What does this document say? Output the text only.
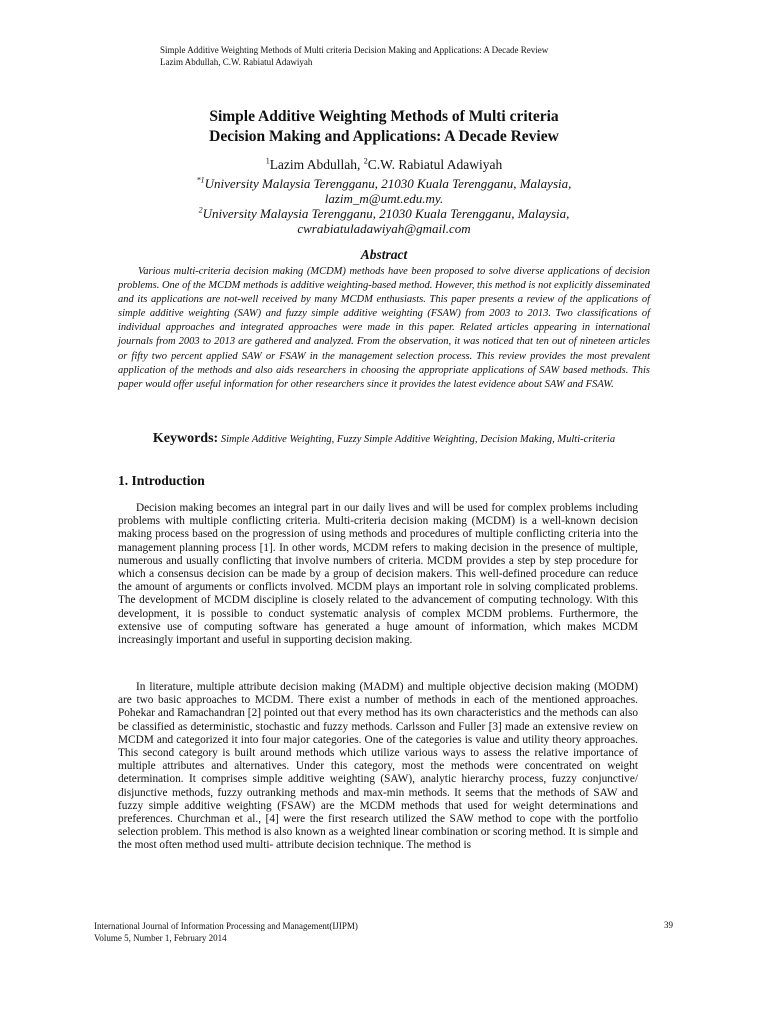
Simple Additive Weighting Methods of Multi criteria Decision Making and Applications: A Decade Review
Lazim Abdullah, C.W. Rabiatul Adawiyah
Simple Additive Weighting Methods of Multi criteria
Decision Making and Applications: A Decade Review
$^1$Lazim Abdullah, $^2$C.W. Rabiatul Adawiyah
$^{*1}$University Malaysia Terengganu, 21030 Kuala Terengganu, Malaysia,
lazim_m@umt.edu.my.
$^2$University Malaysia Terengganu, 21030 Kuala Terengganu, Malaysia,
cwrabiatuladawiyah@gmail.com
Abstract

Various multi-criteria decision making (MCDM) methods have been proposed to solve diverse applications of decision problems. One of the MCDM methods is additive weighting-based method. However, this method is not explicitly disseminated and its applications are not-well received by many MCDM enthusiasts. This paper presents a review of the applications of simple additive weighting (SAW) and fuzzy simple additive weighting (FSAW) from 2003 to 2013. Two classifications of individual approaches and integrated approaches were made in this paper. Related articles appearing in international journals from 2003 to 2013 are gathered and analyzed. From the observation, it was noticed that ten out of nineteen articles or fifty two percent applied SAW or FSAW in the management selection process. This review provides the most prevalent application of the methods and also aids researchers in choosing the appropriate applications of SAW based methods. This paper would offer useful information for other researchers since it provides the latest evidence about SAW and FSAW.

Keywords: Simple Additive Weighting, Fuzzy Simple Additive Weighting, Decision Making, Multi-criteria
1. Introduction

Decision making becomes an integral part in our daily lives and will be used for complex problems including problems with multiple conflicting criteria. Multi-criteria decision making (MCDM) is a well-known decision making process based on the progression of using methods and procedures of multiple conflicting criteria into the management planning process [1]. In other words, MCDM refers to making decision in the presence of multiple, numerous and usually conflicting that involve numbers of criteria. MCDM provides a step by step procedure for which a consensus decision can be made by a group of decision makers. This well-defined procedure can reduce the amount of arguments or conflicts involved. MCDM plays an important role in solving complicated problems. The development of MCDM discipline is closely related to the advancement of computing technology. With this development, it is possible to conduct systematic analysis of complex MCDM problems. Furthermore, the extensive use of computing software has generated a huge amount of information, which makes MCDM increasingly important and useful in supporting decision making.

In literature, multiple attribute decision making (MADM) and multiple objective decision making (MODM) are two basic approaches to MCDM. There exist a number of methods in each of the mentioned approaches. Pohekar and Ramachandran [2] pointed out that every method has its own characteristics and the methods can also be classified as deterministic, stochastic and fuzzy methods. Carlsson and Fuller [3] made an extensive review on MCDM and categorized it into four major categories. One of the categories is value and utility theory approaches. This second category is built around methods which utilize various ways to assess the relative importance of multiple attributes and alternatives. Under this category, most the methods were concentrated on weight determination. It comprises simple additive weighting (SAW), analytic hierarchy process, fuzzy conjunctive/ disjunctive methods, fuzzy outranking methods and max-min methods. It seems that the methods of SAW and fuzzy simple additive weighting (FSAW) are the MCDM methods that used for weight determinations and preferences. Churchman et al., [4] were the first research utilized the SAW method to cope with the portfolio selection problem. This method is also known as a weighted linear combination or scoring method. It is simple and the most often method used multi- attribute decision technique. The method is

International Journal of Information Processing and Management(IJIPM)
Volume 5, Number 1, February 2014
39
